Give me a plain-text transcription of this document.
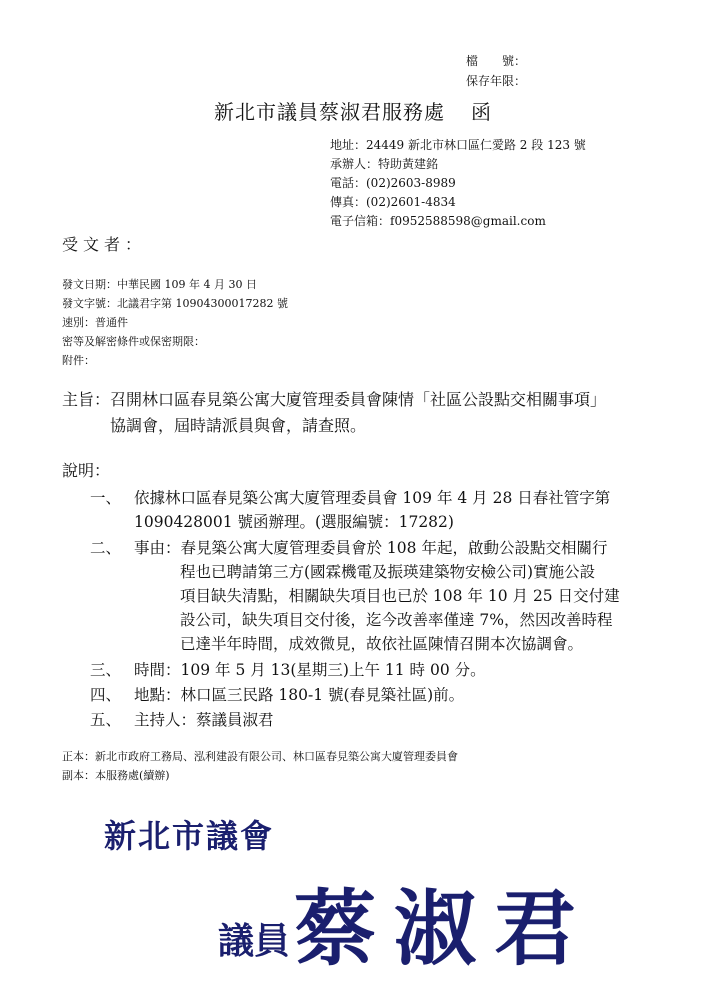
檔　　號：
保存年限：
新北市議員蔡淑君服務處 函
地址：24449 新北市林口區仁愛路 2 段 123 號
承辦人：特助黃建銘
電話：(02)2603-8989
傳真：(02)2601-4834
電子信箱：f0952588598@gmail.com
受文者：
發文日期：中華民國 109 年 4 月 30 日
發文字號：北議君字第 10904300017282 號
速別：普通件
密等及解密條件或保密期限：
附件：
主旨： 召開林口區春見築公寓大廈管理委員會陳情「社區公設點交相關事項」
協調會，屆時請派員與會，請查照。
說明：
一、 依據林口區春見築公寓大廈管理委員會 109 年 4 月 28 日春社管字第
1090428001 號函辦理。(選服編號：17282)
二、 事由：春見築公寓大廈管理委員會於 108 年起，啟動公設點交相關行
程也已聘請第三方(國霖機電及振瑛建築物安檢公司)實施公設
項目缺失清點，相關缺失項目也已於 108 年 10 月 25 日交付建
設公司，缺失項目交付後，迄今改善率僅達 7%，然因改善時程
已達半年時間，成效微見，故依社區陳情召開本次協調會。
三、 時間：109 年 5 月 13(星期三)上午 11 時 00 分。
四、 地點：林口區三民路 180-1 號(春見築社區)前。
五、 主持人：蔡議員淑君
正本：新北市政府工務局、泓利建設有限公司、林口區春見築公寓大廈管理委員會
副本：本服務處(續辦)
新北市議會
議員 蔡淑君
